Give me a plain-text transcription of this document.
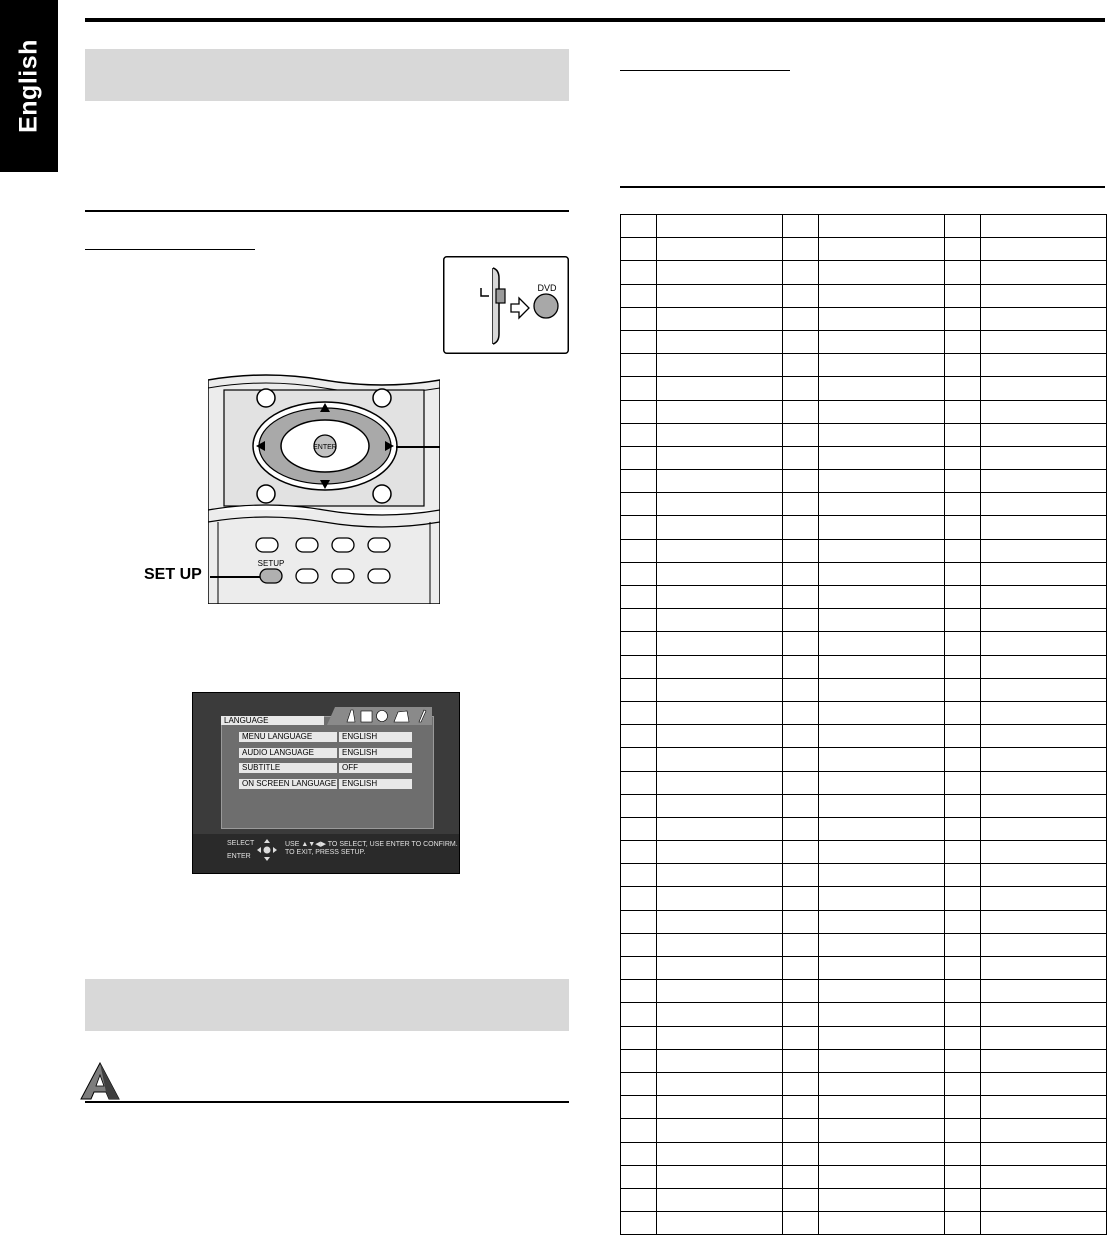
English
DVD
ENTER
SETUP
SET UP
LANGUAGE
MENU LANGUAGE	ENGLISH
AUDIO LANGUAGE	ENGLISH
SUBTITLE	OFF
ON SCREEN LANGUAGE ENGLISH
SELECT
ENTER
USE ▲▼◀▶ TO SELECT, USE ENTER TO CONFIRM.
TO EXIT, PRESS SETUP.
